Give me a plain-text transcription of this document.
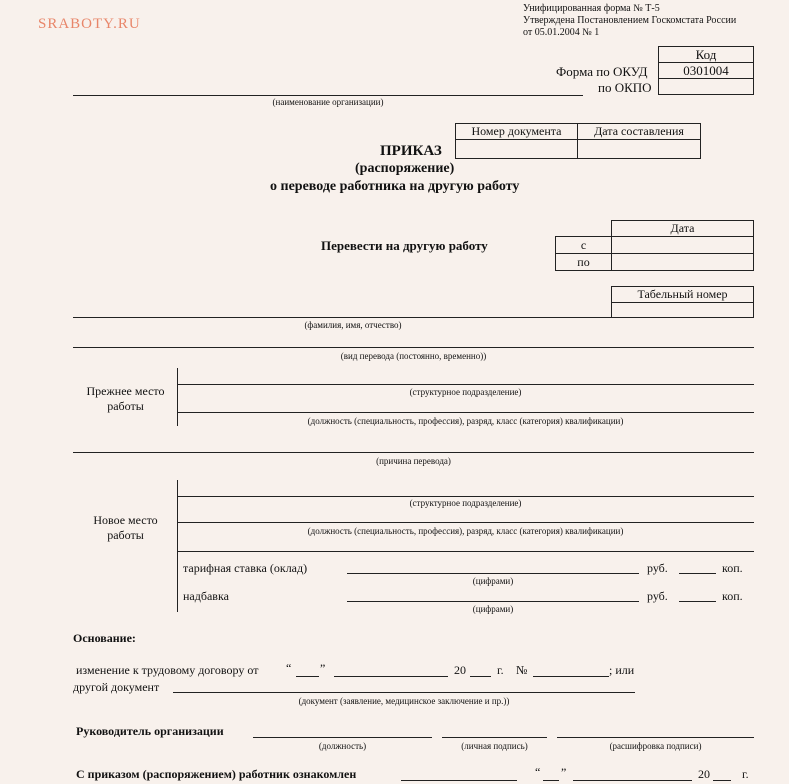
SRABOTY.RU
Унифицированная форма № Т-5
Утверждена Постановлением Госкомстата России
от 05.01.2004 № 1
Код
0301004
Форма по ОКУД
по ОКПО
(наименование организации)
Номер документа	Дата составления
ПРИКАЗ
(распоряжение)
о переводе работника на другую работу
Перевести на другую работу
Дата
с
по
Табельный номер
(фамилия, имя, отчество)
(вид перевода (постоянно, временно))
Прежнее место
работы
(структурное подразделение)
(должность (специальность, профессия), разряд, класс (категория) квалификации)
(причина перевода)
Новое место
работы
(структурное подразделение)
(должность (специальность, профессия), разряд, класс (категория) квалификации)
тарифная ставка (оклад)
(цифрами)
руб.	коп.
надбавка
(цифрами)
руб.	коп.
Основание:
изменение к трудовому договору от “ ”	20	г. №	; или
другой документ
(документ (заявление, медицинское заключение и пр.))
Руководитель организации
(должность)	(личная подпись)	(расшифровка подписи)
С приказом (распоряжением) работник ознакомлен	“ ”	20	г.
